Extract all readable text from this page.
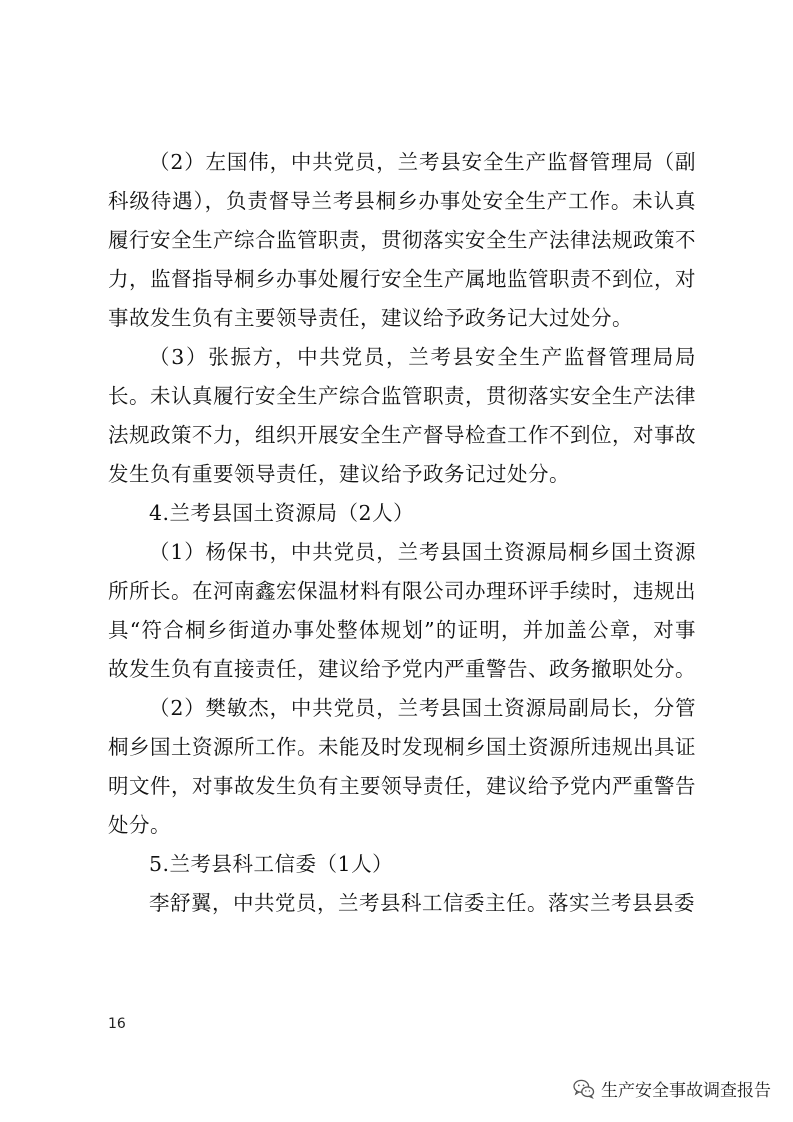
（2）左国伟，中共党员，兰考县安全生产监督管理局（副科级待遇），负责督导兰考县桐乡办事处安全生产工作。未认真履行安全生产综合监管职责，贯彻落实安全生产法律法规政策不力，监督指导桐乡办事处履行安全生产属地监管职责不到位，对事故发生负有主要领导责任，建议给予政务记大过处分。

（3）张振方，中共党员，兰考县安全生产监督管理局局长。未认真履行安全生产综合监管职责，贯彻落实安全生产法律法规政策不力，组织开展安全生产督导检查工作不到位，对事故发生负有重要领导责任，建议给予政务记过处分。

4.兰考县国土资源局（2人）

（1）杨保书，中共党员，兰考县国土资源局桐乡国土资源所所长。在河南鑫宏保温材料有限公司办理环评手续时，违规出具“符合桐乡街道办事处整体规划”的证明，并加盖公章，对事故发生负有直接责任，建议给予党内严重警告、政务撤职处分。

（2）樊敏杰，中共党员，兰考县国土资源局副局长，分管桐乡国土资源所工作。未能及时发现桐乡国土资源所违规出具证明文件，对事故发生负有主要领导责任，建议给予党内严重警告处分。

5.兰考县科工信委（1人）

李舒翼，中共党员，兰考县科工信委主任。落实兰考县县委

16
生产安全事故调查报告
